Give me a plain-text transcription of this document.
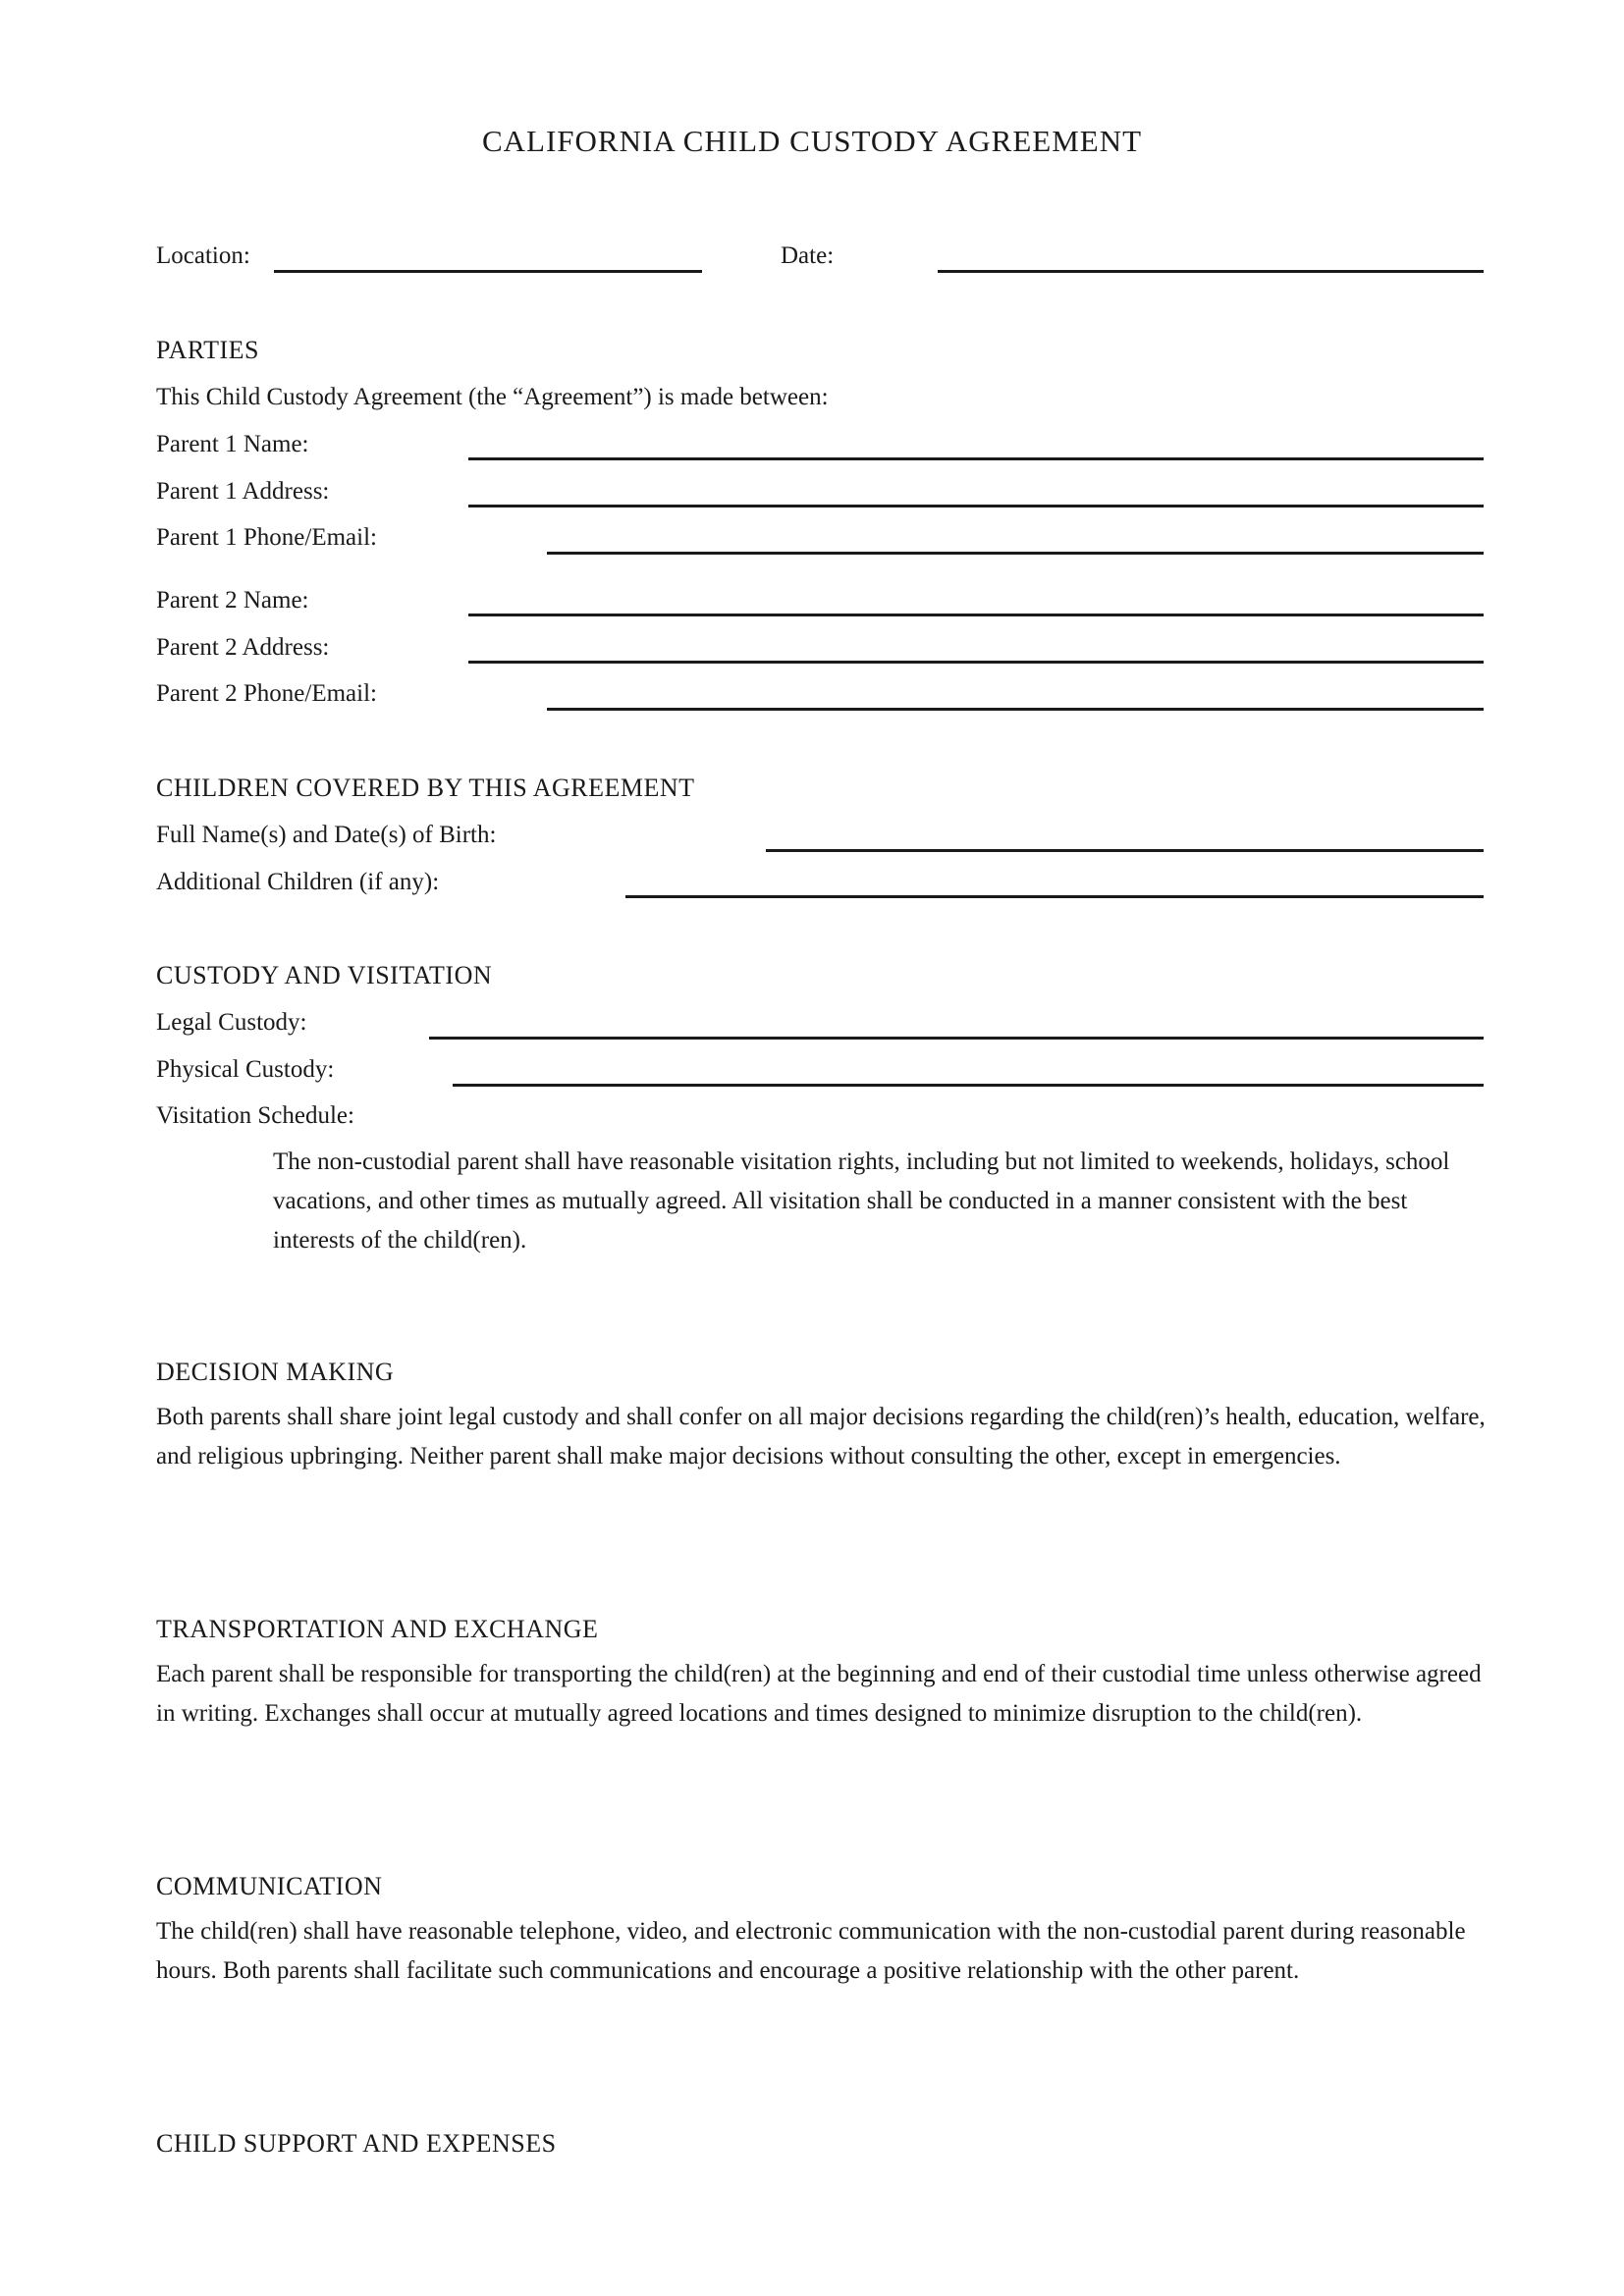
CALIFORNIA CHILD CUSTODY AGREEMENT
Location:	Date:
PARTIES
This Child Custody Agreement (the “Agreement”) is made between:
Parent 1 Name:
Parent 1 Address:
Parent 1 Phone/Email:
Parent 2 Name:
Parent 2 Address:
Parent 2 Phone/Email:
CHILDREN COVERED BY THIS AGREEMENT
Full Name(s) and Date(s) of Birth:
Additional Children (if any):
CUSTODY AND VISITATION
Legal Custody:
Physical Custody:
Visitation Schedule:

The non-custodial parent shall have reasonable visitation rights, including but not limited to weekends, holidays, school vacations, and other times as mutually agreed. All visitation shall be conducted in a manner consistent with the best interests of the child(ren).

DECISION MAKING

Both parents shall share joint legal custody and shall confer on all major decisions regarding the child(ren)’s health, education, welfare, and religious upbringing. Neither parent shall make major decisions without consulting the other, except in emergencies.

TRANSPORTATION AND EXCHANGE

Each parent shall be responsible for transporting the child(ren) at the beginning and end of their custodial time unless otherwise agreed in writing. Exchanges shall occur at mutually agreed locations and times designed to minimize disruption to the child(ren).

COMMUNICATION

The child(ren) shall have reasonable telephone, video, and electronic communication with the non-custodial parent during reasonable hours. Both parents shall facilitate such communications and encourage a positive relationship with the other parent.

CHILD SUPPORT AND EXPENSES
